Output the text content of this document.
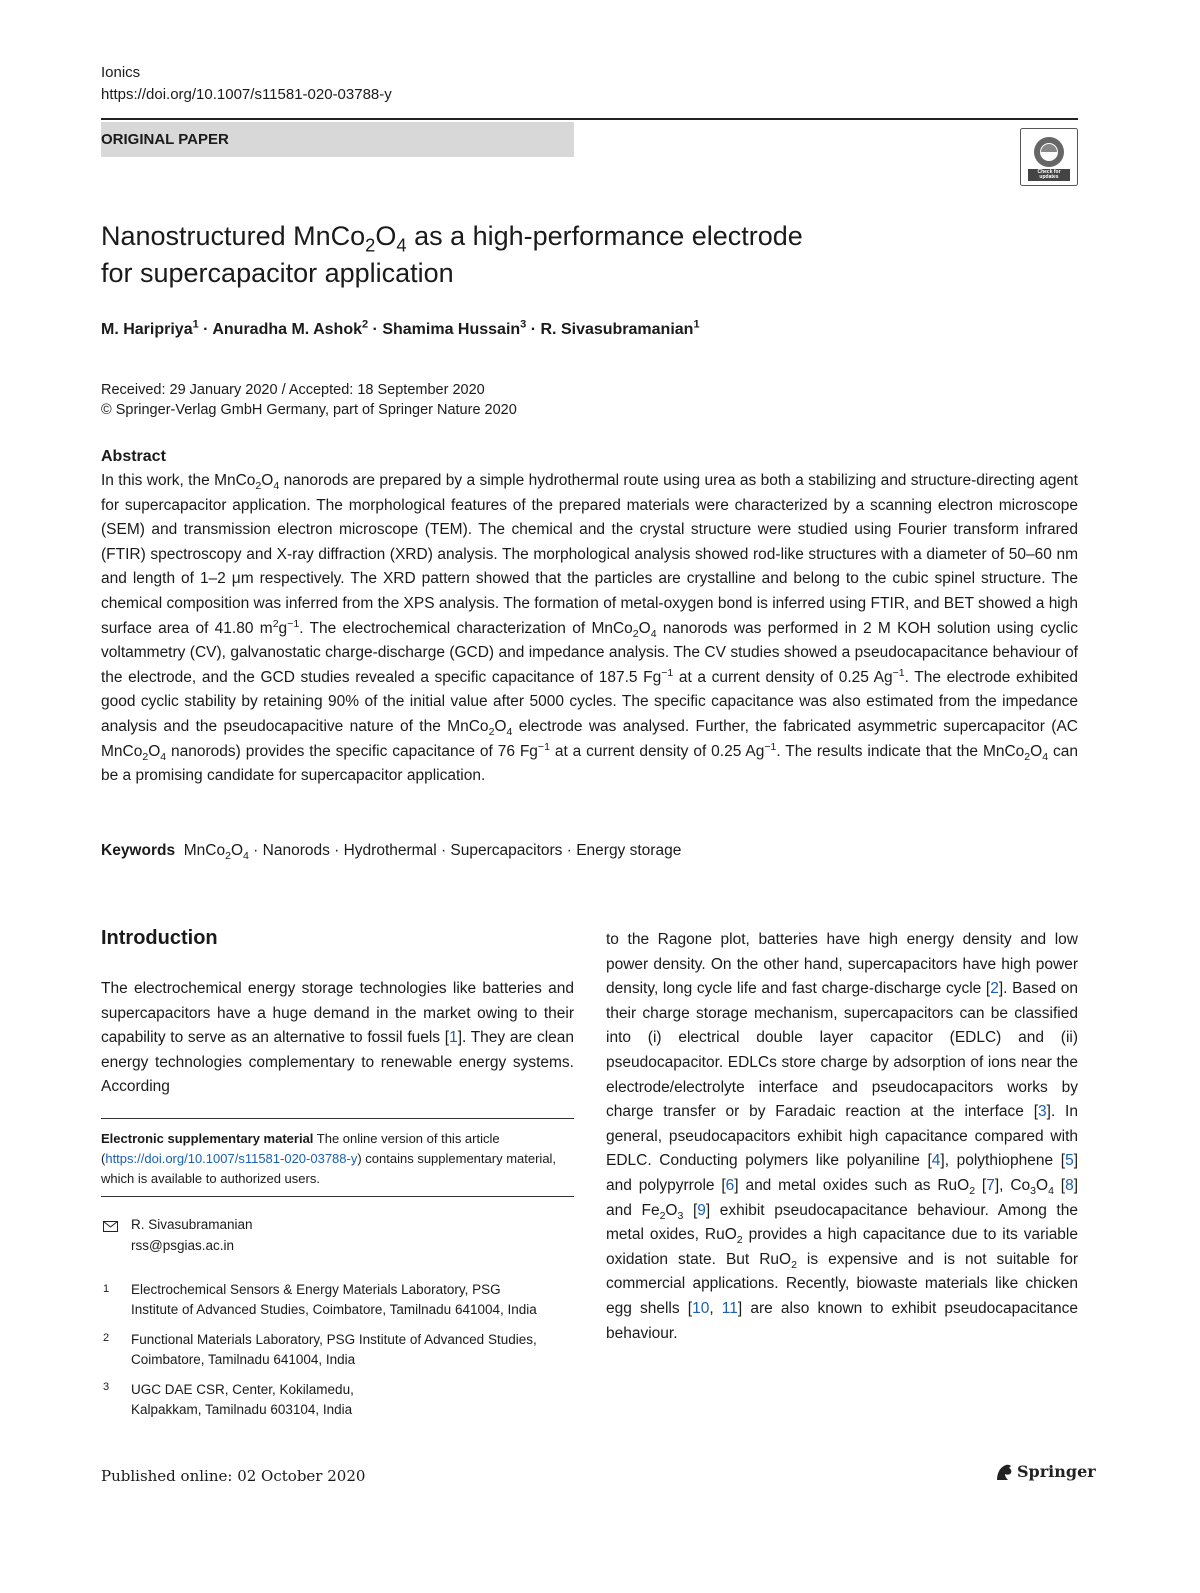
Ionics
https://doi.org/10.1007/s11581-020-03788-y
ORIGINAL PAPER
Check for updates
Nanostructured $MnCo_2O_4$ as a high-performance electrode
for supercapacitor application
M. Haripriya$^1$ · Anuradha M. Ashok$^2$ · Shamima Hussain$^3$ · R. Sivasubramanian$^1$
Received: 29 January 2020 / Accepted: 18 September 2020
© Springer-Verlag GmbH Germany, part of Springer Nature 2020
Abstract
In this work, the $MnCo_2O_4$ nanorods are prepared by a simple hydrothermal route using urea as both a stabilizing and structure-directing agent for supercapacitor application. The morphological features of the prepared materials were characterized by a scanning electron microscope (SEM) and transmission electron microscope (TEM). The chemical and the crystal structure were studied using Fourier transform infrared (FTIR) spectroscopy and X-ray diffraction (XRD) analysis. The morphological analysis showed rod-like structures with a diameter of 50–60 nm and length of 1–2 μm respectively. The XRD pattern showed that the particles are crystalline and belong to the cubic spinel structure. The chemical composition was inferred from the XPS analysis. The formation of metal-oxygen bond is inferred using FTIR, and BET showed a high surface area of 41.80 $m^2g^{-1}$. The electrochemical characterization of $MnCo_2O_4$ nanorods was performed in 2 M KOH solution using cyclic voltammetry (CV), galvanostatic charge-discharge (GCD) and impedance analysis. The CV studies showed a pseudocapacitance behaviour of the electrode, and the GCD studies revealed a specific capacitance of 187.5 $Fg^{-1}$ at a current density of 0.25 $Ag^{-1}$. The electrode exhibited good cyclic stability by retaining 90% of the initial value after 5000 cycles. The specific capacitance was also estimated from the impedance analysis and the pseudocapacitive nature of the $MnCo_2O_4$ electrode was analysed. Further, the fabricated asymmetric supercapacitor (AC $MnCo_2O_4$ nanorods) provides the specific capacitance of 76 $Fg^{-1}$ at a current density of 0.25 $Ag^{-1}$. The results indicate that the $MnCo_2O_4$ can be a promising candidate for supercapacitor application.
Keywords $MnCo_2O_4$ · Nanorods · Hydrothermal · Supercapacitors · Energy storage
Introduction
The electrochemical energy storage technologies like batteries and supercapacitors have a huge demand in the market owing to their capability to serve as an alternative to fossil fuels [1]. They are clean energy technologies complementary to renewable energy systems. According
to the Ragone plot, batteries have high energy density and low power density. On the other hand, supercapacitors have high power density, long cycle life and fast charge-discharge cycle [2]. Based on their charge storage mechanism, supercapacitors can be classified into (i) electrical double layer capacitor (EDLC) and (ii) pseudocapacitor. EDLCs store charge by adsorption of ions near the electrode/electrolyte interface and pseudocapacitors works by charge transfer or by Faradaic reaction at the interface [3]. In general, pseudocapacitors exhibit high capacitance compared with EDLC. Conducting polymers like polyaniline [4], polythiophene [5] and polypyrrole [6] and metal oxides such as RuO$_2$ [7], $Co_3O_4$ [8] and $Fe_2O_3$ [9] exhibit pseudocapacitance behaviour. Among the metal oxides, RuO$_2$ provides a high capacitance due to its variable oxidation state. But RuO$_2$ is expensive and is not suitable for commercial applications. Recently, biowaste materials like chicken egg shells [10, 11] are also known to exhibit pseudocapacitance behaviour.
Electronic supplementary material The online version of this article (https://doi.org/10.1007/s11581-020-03788-y) contains supplementary material, which is available to authorized users.
R. Sivasubramanian
rss@psgias.ac.in
1 Electrochemical Sensors & Energy Materials Laboratory, PSG
Institute of Advanced Studies, Coimbatore, Tamilnadu 641004, India
2 Functional Materials Laboratory, PSG Institute of Advanced Studies,
Coimbatore, Tamilnadu 641004, India
3 UGC DAE CSR, Center, Kokilamedu,
Kalpakkam, Tamilnadu 603104, India
Published online: 02 October 2020	Springer
